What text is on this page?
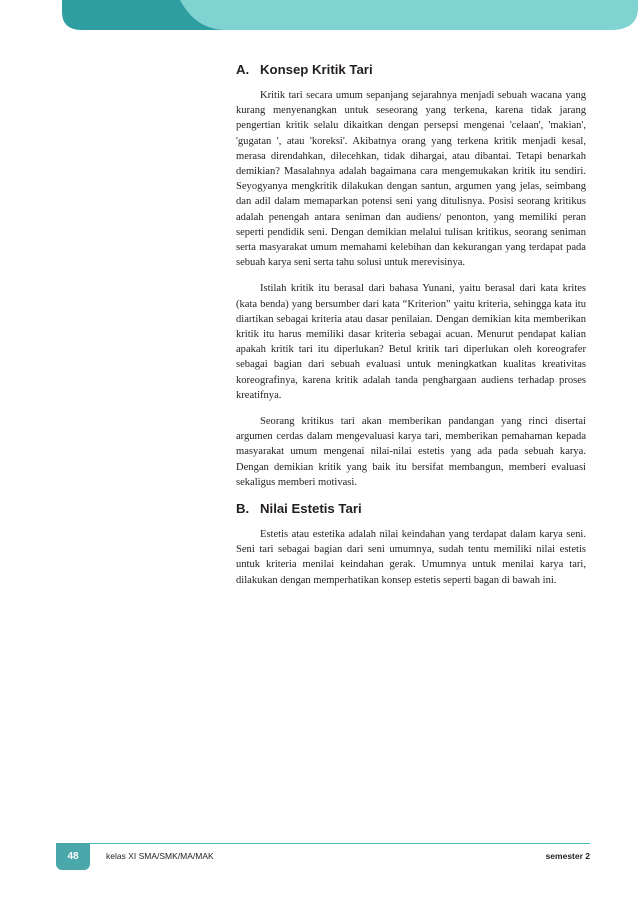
A. Konsep Kritik Tari

Kritik tari secara umum sepanjang sejarahnya menjadi sebuah wacana yang kurang menyenangkan untuk seseorang yang terkena, karena tidak jarang pengertian kritik selalu dikaitkan dengan persepsi mengenai 'celaan', 'makian', 'gugatan ', atau 'koreksi'. Akibatnya orang yang terkena kritik menjadi kesal, merasa direndahkan, dilecehkan, tidak dihargai, atau dibantai. Tetapi benarkah demikian? Masalahnya adalah bagaimana cara mengemukakan kritik itu sendiri. Seyogyanya mengkritik dilakukan dengan santun, argumen yang jelas, seimbang dan adil dalam memaparkan potensi seni yang ditulisnya. Posisi seorang kritikus adalah penengah antara seniman dan audiens/ penonton, yang memiliki peran seperti pendidik seni. Dengan demikian melalui tulisan kritikus, seorang seniman serta masyarakat umum memahami kelebihan dan kekurangan yang terdapat pada sebuah karya seni serta tahu solusi untuk merevisinya.

Istilah kritik itu berasal dari bahasa Yunani, yaitu berasal dari kata krites (kata benda) yang bersumber dari kata “Kriterion” yaitu kriteria, sehingga kata itu diartikan sebagai kriteria atau dasar penilaian. Dengan demikian kita memberikan kritik itu harus memiliki dasar kriteria sebagai acuan. Menurut pendapat kalian apakah kritik tari itu diperlukan? Betul kritik tari diperlukan oleh koreografer sebagai bagian dari sebuah evaluasi untuk meningkatkan kualitas kreativitas koreografinya, karena kritik adalah tanda penghargaan audiens terhadap proses kreatifnya.

Seorang kritikus tari akan memberikan pandangan yang rinci disertai argumen cerdas dalam mengevaluasi karya tari, memberikan pemahaman kepada masyarakat umum mengenai nilai-nilai estetis yang ada pada sebuah karya. Dengan demikian kritik yang baik itu bersifat membangun, memberi evaluasi sekaligus memberi motivasi.

B. Nilai Estetis Tari

Estetis atau estetika adalah nilai keindahan yang terdapat dalam karya seni. Seni tari sebagai bagian dari seni umumnya, sudah tentu memiliki nilai estetis untuk kriteria menilai keindahan gerak. Umumnya untuk menilai karya tari, dilakukan dengan memperhatikan konsep estetis seperti bagan di bawah ini.

48	kelas XI SMA/SMK/MA/MAK	semester 2
